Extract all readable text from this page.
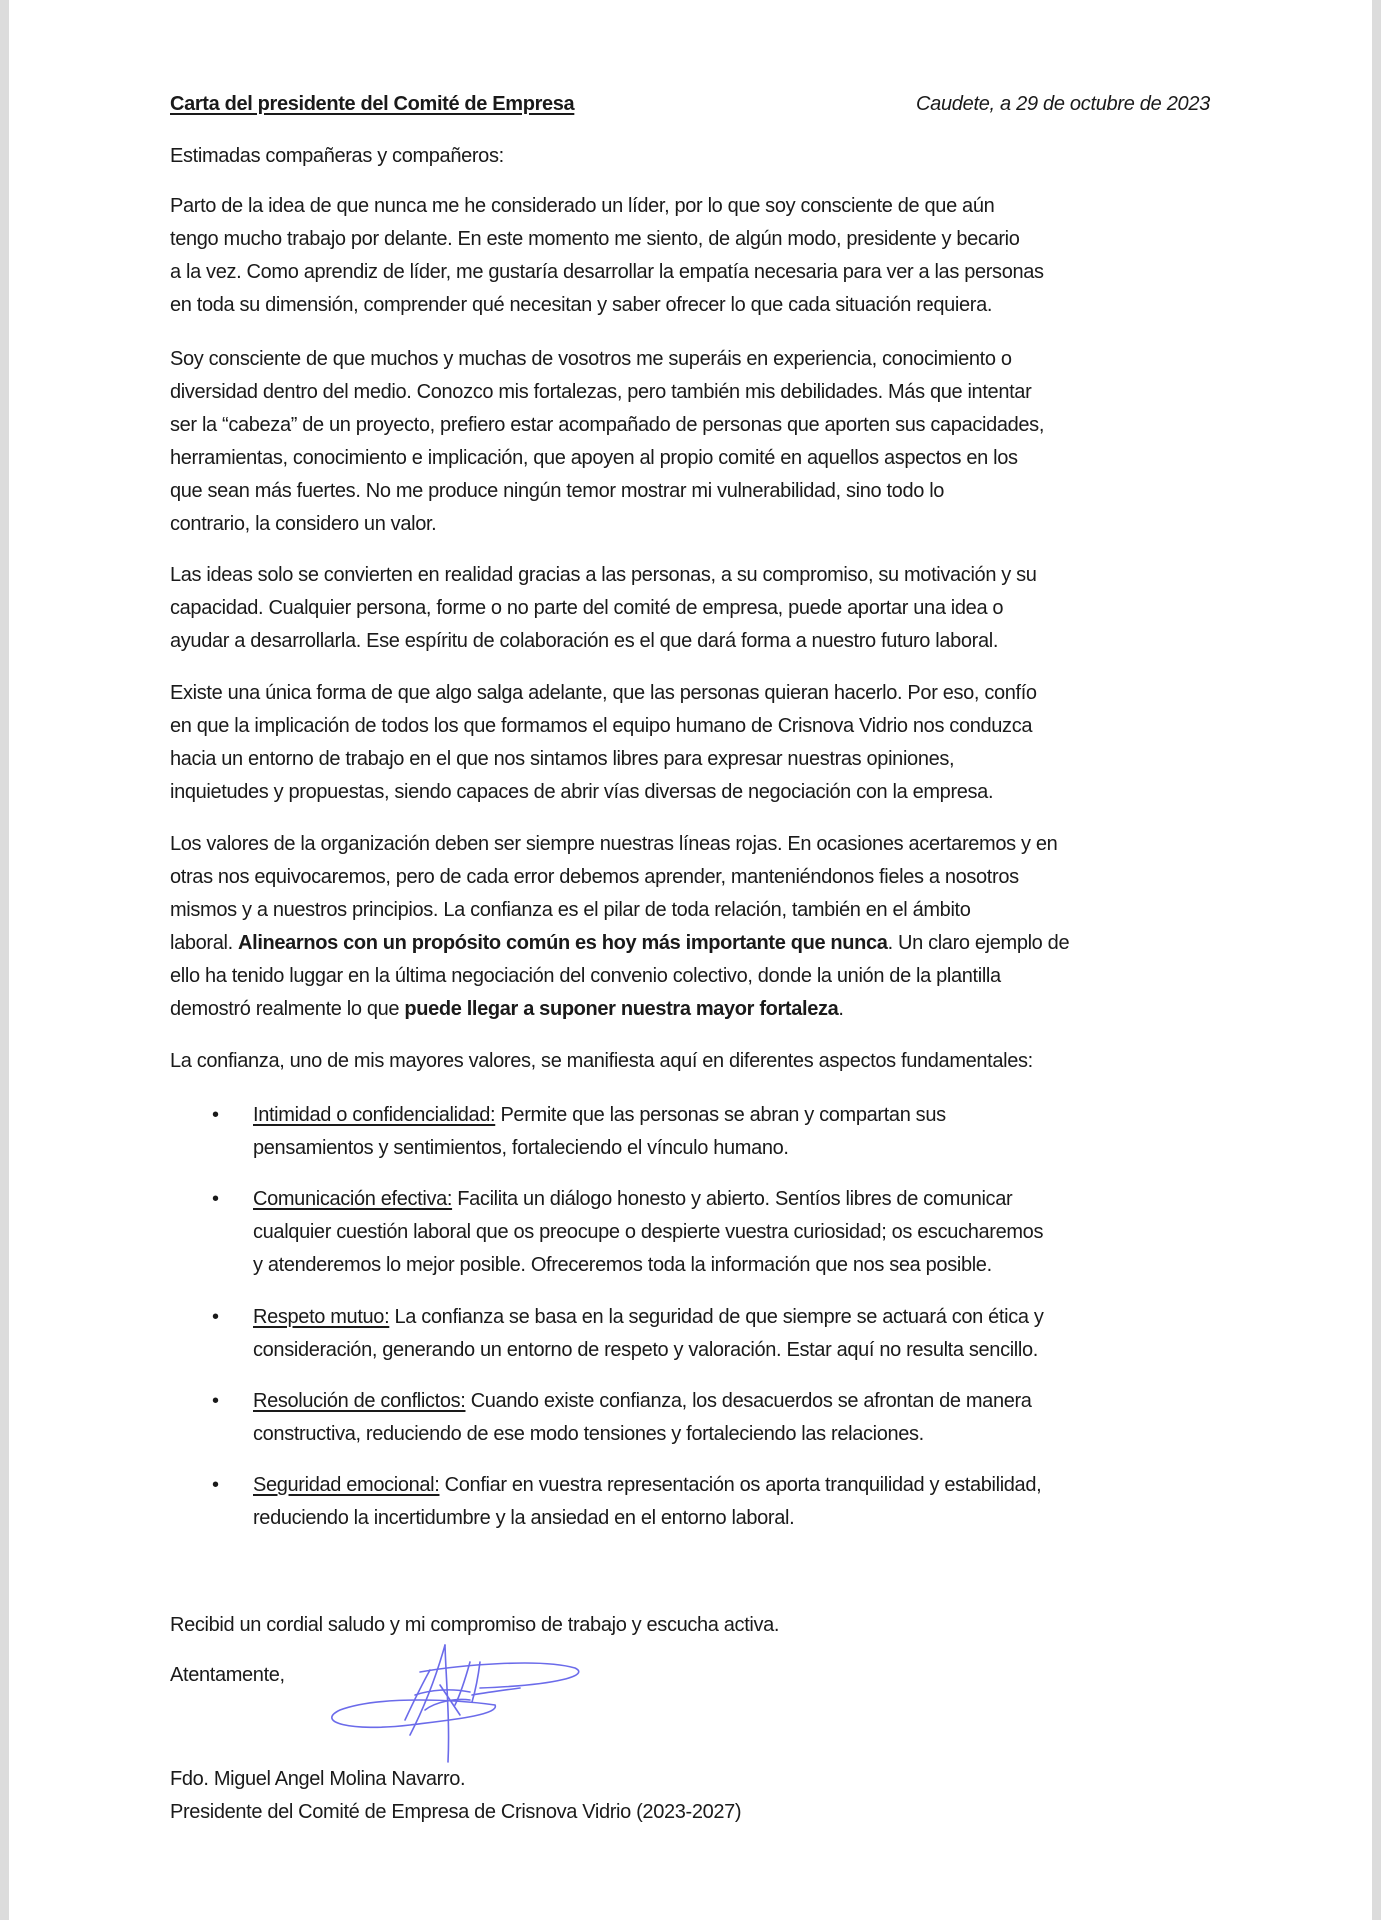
Carta del presidente del Comité de Empresa	Caudete, a 29 de octubre de 2023
Estimadas compañeras y compañeros:
Parto de la idea de que nunca me he considerado un líder, por lo que soy consciente de que aún
tengo mucho trabajo por delante. En este momento me siento, de algún modo, presidente y becario
a la vez. Como aprendiz de líder, me gustaría desarrollar la empatía necesaria para ver a las personas
en toda su dimensión, comprender qué necesitan y saber ofrecer lo que cada situación requiera.
Soy consciente de que muchos y muchas de vosotros me superáis en experiencia, conocimiento o
diversidad dentro del medio. Conozco mis fortalezas, pero también mis debilidades. Más que intentar
ser la “cabeza” de un proyecto, prefiero estar acompañado de personas que aporten sus capacidades,
herramientas, conocimiento e implicación, que apoyen al propio comité en aquellos aspectos en los
que sean más fuertes. No me produce ningún temor mostrar mi vulnerabilidad, sino todo lo
contrario, la considero un valor.
Las ideas solo se convierten en realidad gracias a las personas, a su compromiso, su motivación y su
capacidad. Cualquier persona, forme o no parte del comité de empresa, puede aportar una idea o
ayudar a desarrollarla. Ese espíritu de colaboración es el que dará forma a nuestro futuro laboral.
Existe una única forma de que algo salga adelante, que las personas quieran hacerlo. Por eso, confío
en que la implicación de todos los que formamos el equipo humano de Crisnova Vidrio nos conduzca
hacia un entorno de trabajo en el que nos sintamos libres para expresar nuestras opiniones,
inquietudes y propuestas, siendo capaces de abrir vías diversas de negociación con la empresa.
Los valores de la organización deben ser siempre nuestras líneas rojas. En ocasiones acertaremos y en
otras nos equivocaremos, pero de cada error debemos aprender, manteniéndonos fieles a nosotros
mismos y a nuestros principios. La confianza es el pilar de toda relación, también en el ámbito
laboral. Alinearnos con un propósito común es hoy más importante que nunca. Un claro ejemplo de
ello ha tenido luggar en la última negociación del convenio colectivo, donde la unión de la plantilla
demostró realmente lo que puede llegar a suponer nuestra mayor fortaleza.
La confianza, uno de mis mayores valores, se manifiesta aquí en diferentes aspectos fundamentales:
• Intimidad o confidencialidad: Permite que las personas se abran y compartan sus
pensamientos y sentimientos, fortaleciendo el vínculo humano.
• Comunicación efectiva: Facilita un diálogo honesto y abierto. Sentíos libres de comunicar
cualquier cuestión laboral que os preocupe o despierte vuestra curiosidad; os escucharemos
y atenderemos lo mejor posible. Ofreceremos toda la información que nos sea posible.
• Respeto mutuo: La confianza se basa en la seguridad de que siempre se actuará con ética y
consideración, generando un entorno de respeto y valoración. Estar aquí no resulta sencillo.
• Resolución de conflictos: Cuando existe confianza, los desacuerdos se afrontan de manera
constructiva, reduciendo de ese modo tensiones y fortaleciendo las relaciones.
• Seguridad emocional: Confiar en vuestra representación os aporta tranquilidad y estabilidad,
reduciendo la incertidumbre y la ansiedad en el entorno laboral.
Recibid un cordial saludo y mi compromiso de trabajo y escucha activa.
Atentamente,
Fdo. Miguel Angel Molina Navarro.
Presidente del Comité de Empresa de Crisnova Vidrio (2023-2027)
